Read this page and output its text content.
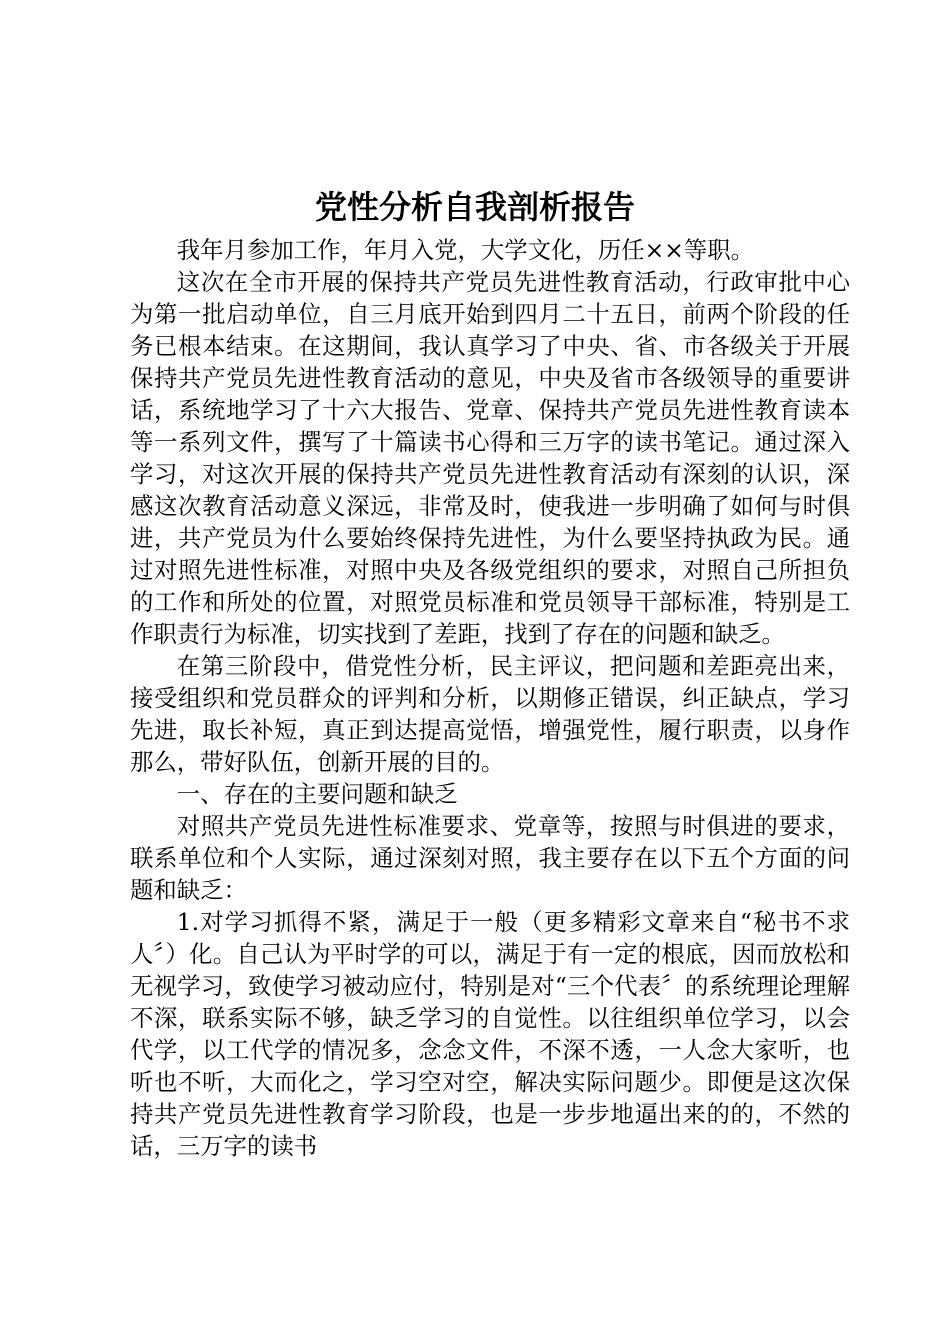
党性分析自我剖析报告

我年月参加工作，年月入党，大学文化，历任××等职。

这次在全市开展的保持共产党员先进性教育活动，行政审批中心为第一批启动单位，自三月底开始到四月二十五日，前两个阶段的任务已根本结束。在这期间，我认真学习了中央、省、市各级关于开展保持共产党员先进性教育活动的意见，中央及省市各级领导的重要讲话，系统地学习了十六大报告、党章、保持共产党员先进性教育读本等一系列文件，撰写了十篇读书心得和三万字的读书笔记。通过深入学习，对这次开展的保持共产党员先进性教育活动有深刻的认识，深感这次教育活动意义深远，非常及时，使我进一步明确了如何与时俱进，共产党员为什么要始终保持先进性，为什么要坚持执政为民。通过对照先进性标准，对照中央及各级党组织的要求，对照自己所担负的工作和所处的位置，对照党员标准和党员领导干部标准，特别是工作职责行为标准，切实找到了差距，找到了存在的问题和缺乏。

在第三阶段中，借党性分析，民主评议，把问题和差距亮出来，接受组织和党员群众的评判和分析，以期修正错误，纠正缺点，学习先进，取长补短，真正到达提高觉悟，增强党性，履行职责，以身作那么，带好队伍，创新开展的目的。

一、存在的主要问题和缺乏

对照共产党员先进性标准要求、党章等，按照与时俱进的要求，联系单位和个人实际，通过深刻对照，我主要存在以下五个方面的问题和缺乏：

1.对学习抓得不紧，满足于一般（更多精彩文章来自“秘书不求人〞）化。自己认为平时学的可以，满足于有一定的根底，因而放松和无视学习，致使学习被动应付，特别是对“三个代表〞的系统理论理解不深，联系实际不够，缺乏学习的自觉性。以往组织单位学习，以会代学，以工代学的情况多，念念文件，不深不透，一人念大家听，也听也不听，大而化之，学习空对空，解决实际问题少。即便是这次保持共产党员先进性教育学习阶段，也是一步步地逼出来的的，不然的话，三万字的读书
